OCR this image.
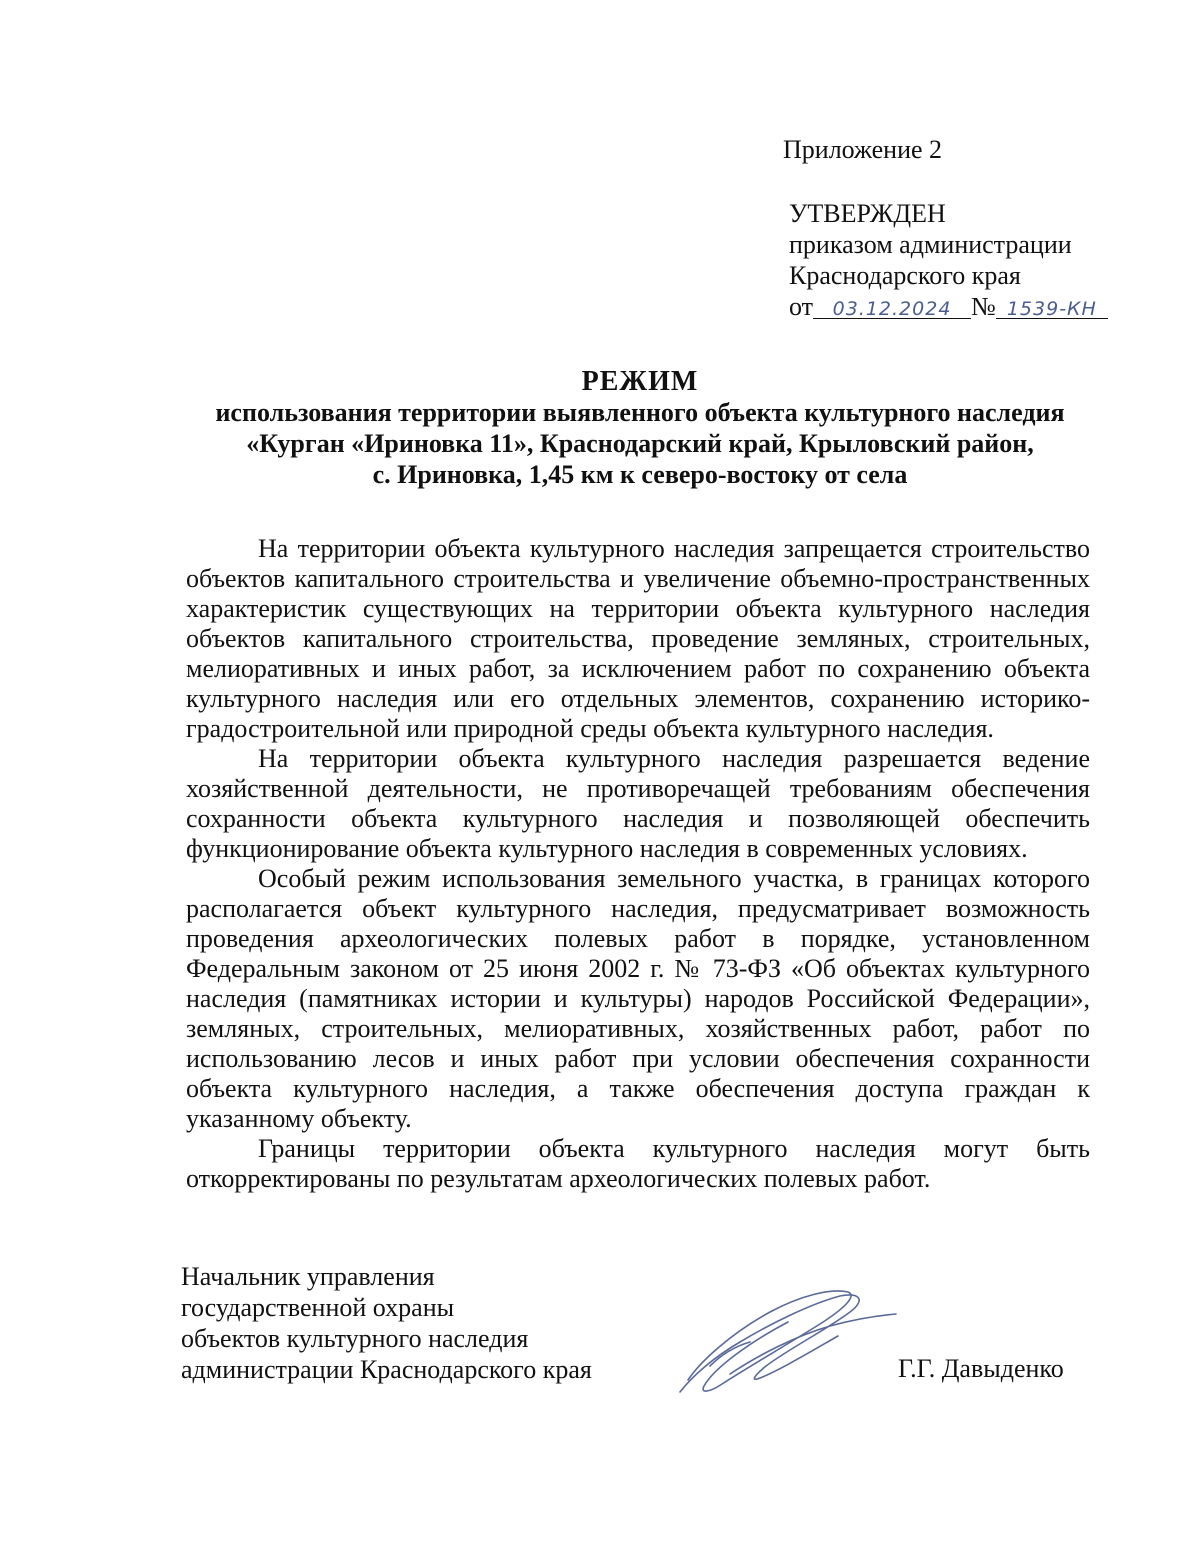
Приложение 2
УТВЕРЖДЕН
приказом администрации
Краснодарского края
от 03.12.2024 № 1539-КН
РЕЖИМ
использования территории выявленного объекта культурного наследия
«Курган «Ириновка 11», Краснодарский край, Крыловский район,
с. Ириновка, 1,45 км к северо-востоку от села

На территории объекта культурного наследия запрещается строительство объектов капитального строительства и увеличение объемно-пространственных характеристик существующих на территории объекта культурного наследия объектов капитального строительства, проведение земляных, строительных, мелиоративных и иных работ, за исключением работ по сохранению объекта культурного наследия или его отдельных элементов, сохранению историко-градостроительной или природной среды объекта культурного наследия.

На территории объекта культурного наследия разрешается ведение хозяйственной деятельности, не противоречащей требованиям обеспечения сохранности объекта культурного наследия и позволяющей обеспечить функционирование объекта культурного наследия в современных условиях.

Особый режим использования земельного участка, в границах которого располагается объект культурного наследия, предусматривает возможность проведения археологических полевых работ в порядке, установленном Федеральным законом от 25 июня 2002 г. № 73-ФЗ «Об объектах культурного наследия (памятниках истории и культуры) народов Российской Федерации», земляных, строительных, мелиоративных, хозяйственных работ, работ по использованию лесов и иных работ при условии обеспечения сохранности объекта культурного наследия, а также обеспечения доступа граждан к указанному объекту.

Границы территории объекта культурного наследия могут быть откорректированы по результатам археологических полевых работ.

Начальник управления
государственной охраны
объектов культурного наследия
администрации Краснодарского края	Г.Г. Давыденко
